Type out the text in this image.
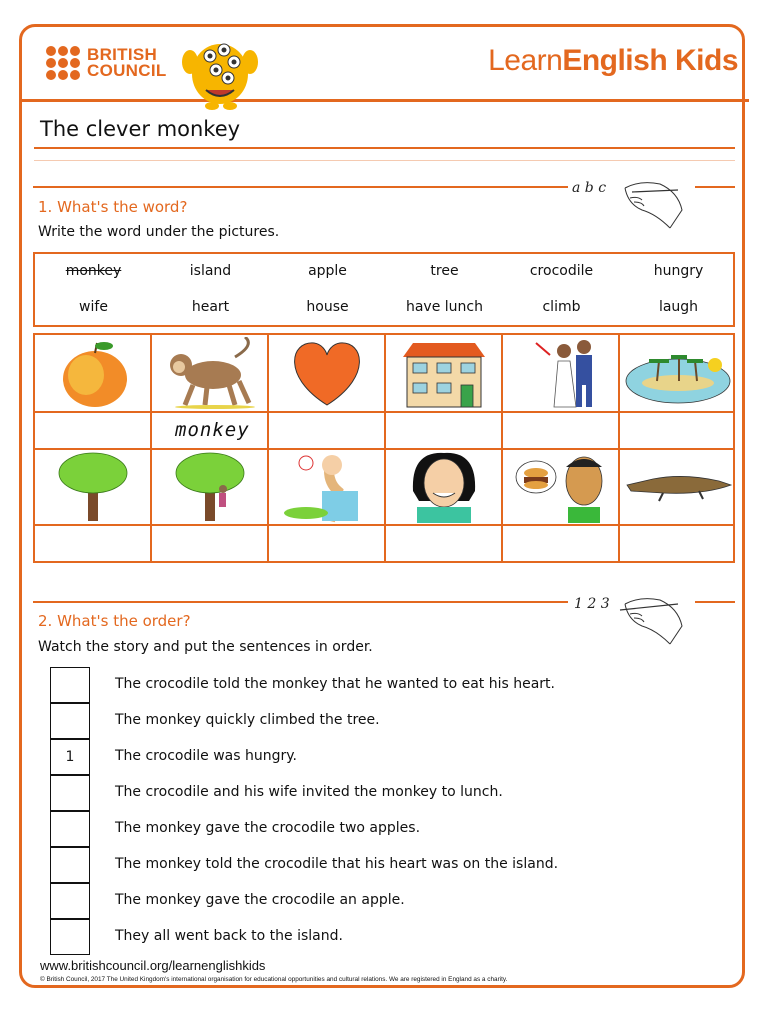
BRITISH
COUNCIL	LearnEnglish Kids
The clever monkey
a b c
1. What's the word?
Write the word under the pictures.
monkey	island	apple	tree	crocodile	hungry
wife	heart	house	have lunch	climb	laugh
monkey
1 2 3
2. What's the order?
Watch the story and put the sentences in order.
The crocodile told the monkey that he wanted to eat his heart.
The monkey quickly climbed the tree.
1	The crocodile was hungry.
The crocodile and his wife invited the monkey to lunch.
The monkey gave the crocodile two apples.
The monkey told the crocodile that his heart was on the island.
The monkey gave the crocodile an apple.
They all went back to the island.
www.britishcouncil.org/learnenglishkids
© British Council, 2017 The United Kingdom's international organisation for educational opportunities and cultural relations. We are registered in England as a charity.
